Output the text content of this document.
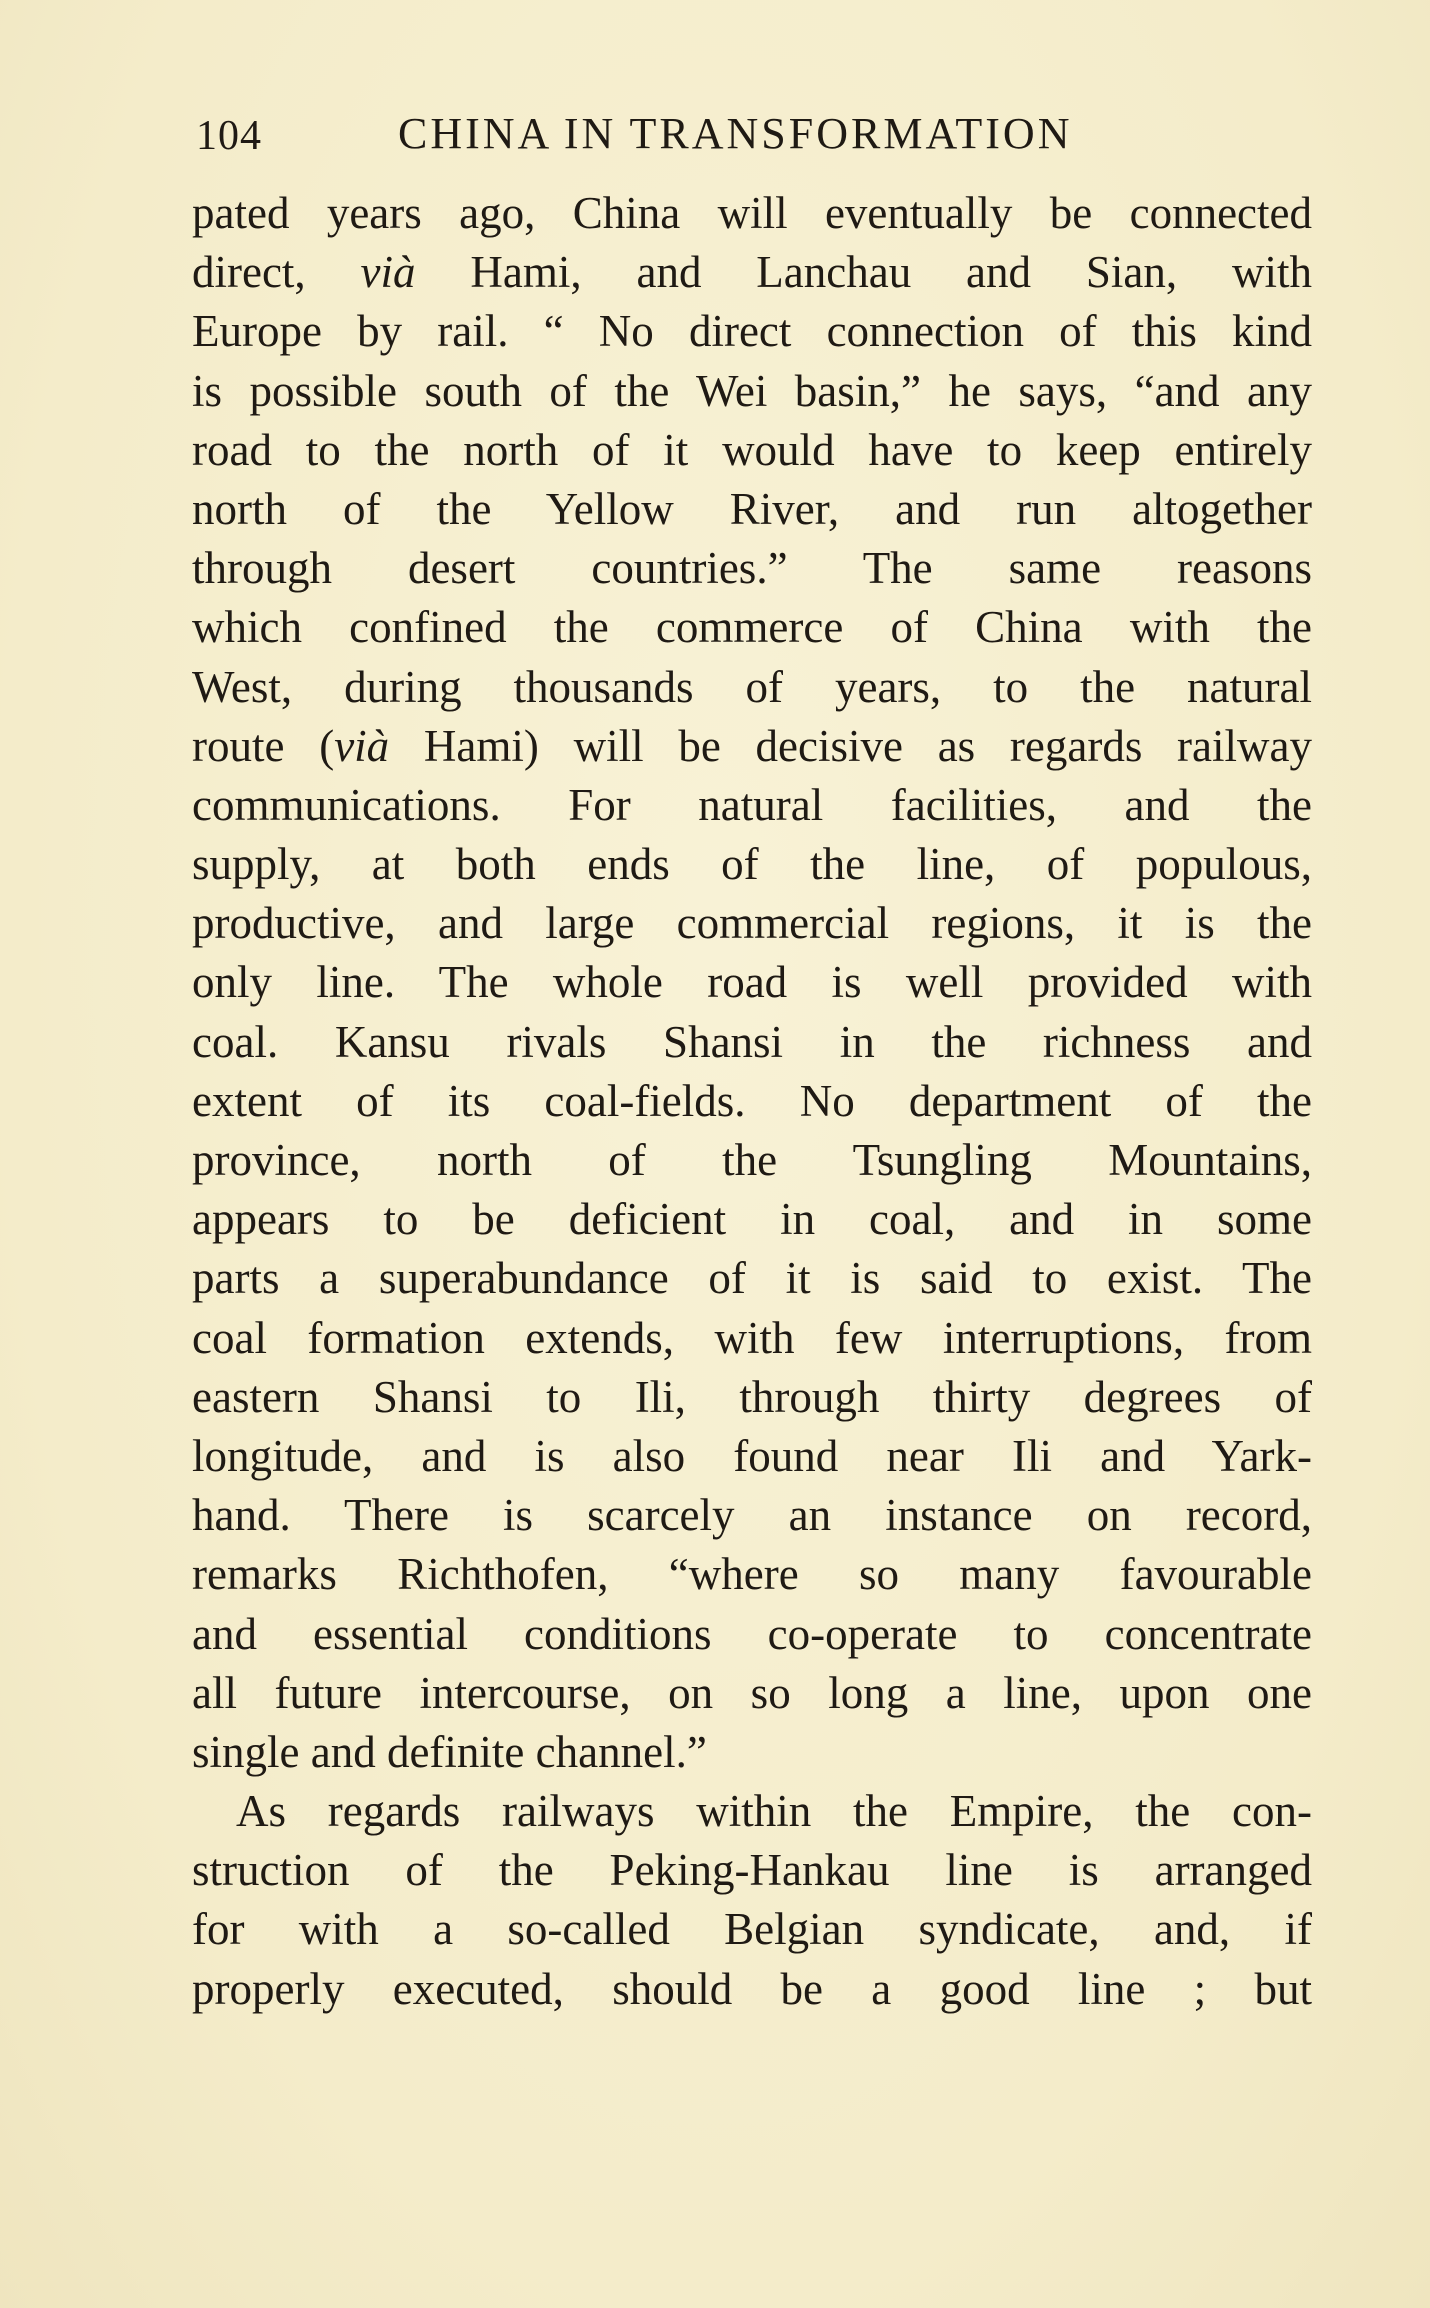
104	CHINA IN TRANSFORMATION
pated years ago, China will eventually be connected
direct, vià Hami, and Lanchau and Sian, with
Europe by rail. “ No direct connection of this kind
is possible south of the Wei basin,” he says, “and any
road to the north of it would have to keep entirely
north of the Yellow River, and run altogether
through desert countries.” The same reasons
which confined the commerce of China with the
West, during thousands of years, to the natural
route (vià Hami) will be decisive as regards railway
communications. For natural facilities, and the
supply, at both ends of the line, of populous,
productive, and large commercial regions, it is the
only line. The whole road is well provided with
coal. Kansu rivals Shansi in the richness and
extent of its coal-fields. No department of the
province, north of the Tsungling Mountains,
appears to be deficient in coal, and in some
parts a superabundance of it is said to exist. The
coal formation extends, with few interruptions, from
eastern Shansi to Ili, through thirty degrees of
longitude, and is also found near Ili and Yark-
hand. There is scarcely an instance on record,
remarks Richthofen, “where so many favourable
and essential conditions co-operate to concentrate
all future intercourse, on so long a line, upon one
single and definite channel.”
As regards railways within the Empire, the con-
struction of the Peking-Hankau line is arranged
for with a so-called Belgian syndicate, and, if
properly executed, should be a good line ; but
